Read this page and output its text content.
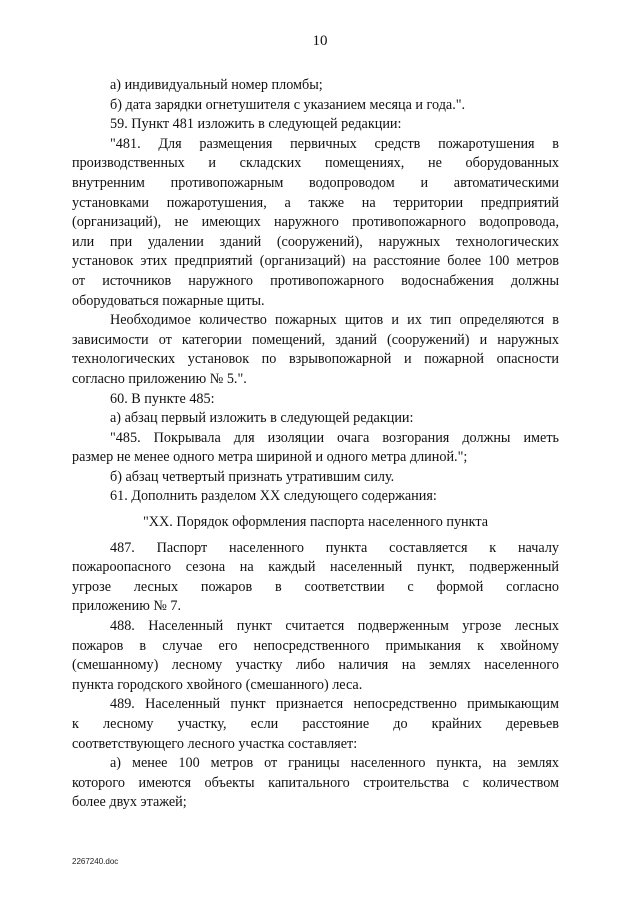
10
а) индивидуальный номер пломбы;
б) дата зарядки огнетушителя с указанием месяца и года.".
59. Пункт 481 изложить в следующей редакции:
"481. Для размещения первичных средств пожаротушения в
производственных и складских помещениях, не оборудованных
внутренним противопожарным водопроводом и автоматическими
установками пожаротушения, а также на территории предприятий
(организаций), не имеющих наружного противопожарного водопровода,
или при удалении зданий (сооружений), наружных технологических
установок этих предприятий (организаций) на расстояние более 100 метров
от источников наружного противопожарного водоснабжения должны
оборудоваться пожарные щиты.
Необходимое количество пожарных щитов и их тип определяются в
зависимости от категории помещений, зданий (сооружений) и наружных
технологических установок по взрывопожарной и пожарной опасности
согласно приложению № 5.".
60. В пункте 485:
а) абзац первый изложить в следующей редакции:
"485. Покрывала для изоляции очага возгорания должны иметь
размер не менее одного метра шириной и одного метра длиной.";
б) абзац четвертый признать утратившим силу.
61. Дополнить разделом XX следующего содержания:
"XX. Порядок оформления паспорта населенного пункта
487. Паспорт населенного пункта составляется к началу
пожароопасного сезона на каждый населенный пункт, подверженный
угрозе лесных пожаров в соответствии с формой согласно
приложению № 7.
488. Населенный пункт считается подверженным угрозе лесных
пожаров в случае его непосредственного примыкания к хвойному
(смешанному) лесному участку либо наличия на землях населенного
пункта городского хвойного (смешанного) леса.
489. Населенный пункт признается непосредственно примыкающим
к лесному участку, если расстояние до крайних деревьев
соответствующего лесного участка составляет:
а) менее 100 метров от границы населенного пункта, на землях
которого имеются объекты капитального строительства с количеством
более двух этажей;
2267240.doc
